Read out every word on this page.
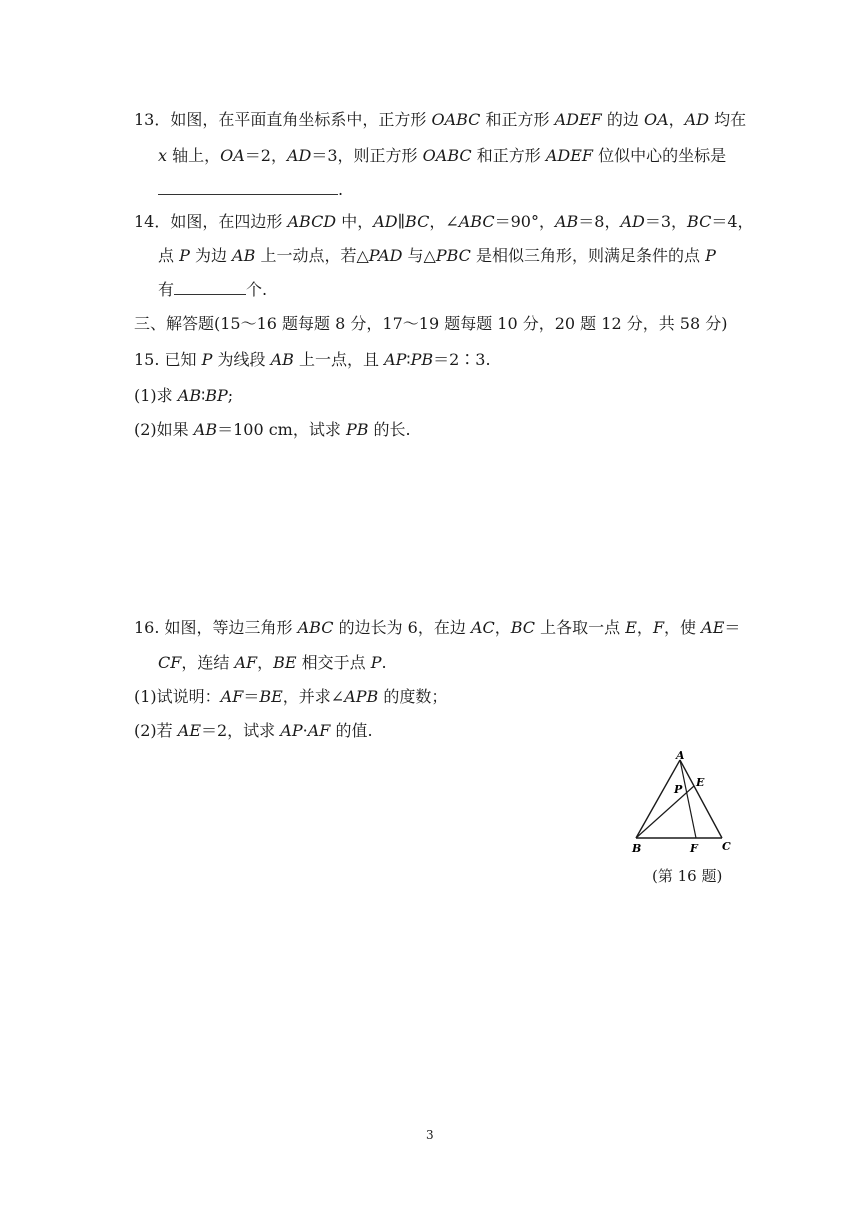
13．如图，在平面直角坐标系中，正方形 OABC 和正方形 ADEF 的边 OA，AD 均在
x 轴上，OA＝2，AD＝3，则正方形 OABC 和正方形 ADEF 位似中心的坐标是
.
14．如图，在四边形 ABCD 中，AD∥BC，∠ABC＝90°，AB＝8，AD＝3，BC＝4，
点 P 为边 AB 上一动点，若△PAD 与△PBC 是相似三角形，则满足条件的点 P
有	个.
三、解答题(15～16 题每题 8 分，17～19 题每题 10 分，20 题 12 分，共 58 分)
15. 已知 P 为线段 AB 上一点，且 AP∶PB＝2∶3.
(1)求 AB∶BP;
(2)如果 AB＝100 cm，试求 PB 的长.
16. 如图，等边三角形 ABC 的边长为 6，在边 AC，BC 上各取一点 E，F，使 AE＝
CF，连结 AF，BE 相交于点 P.
(1)试说明：AF＝BE，并求∠APB 的度数；
(2)若 AE＝2，试求 AP·AF 的值.
A
B	C
E
F
P
(第 16 题)
3
